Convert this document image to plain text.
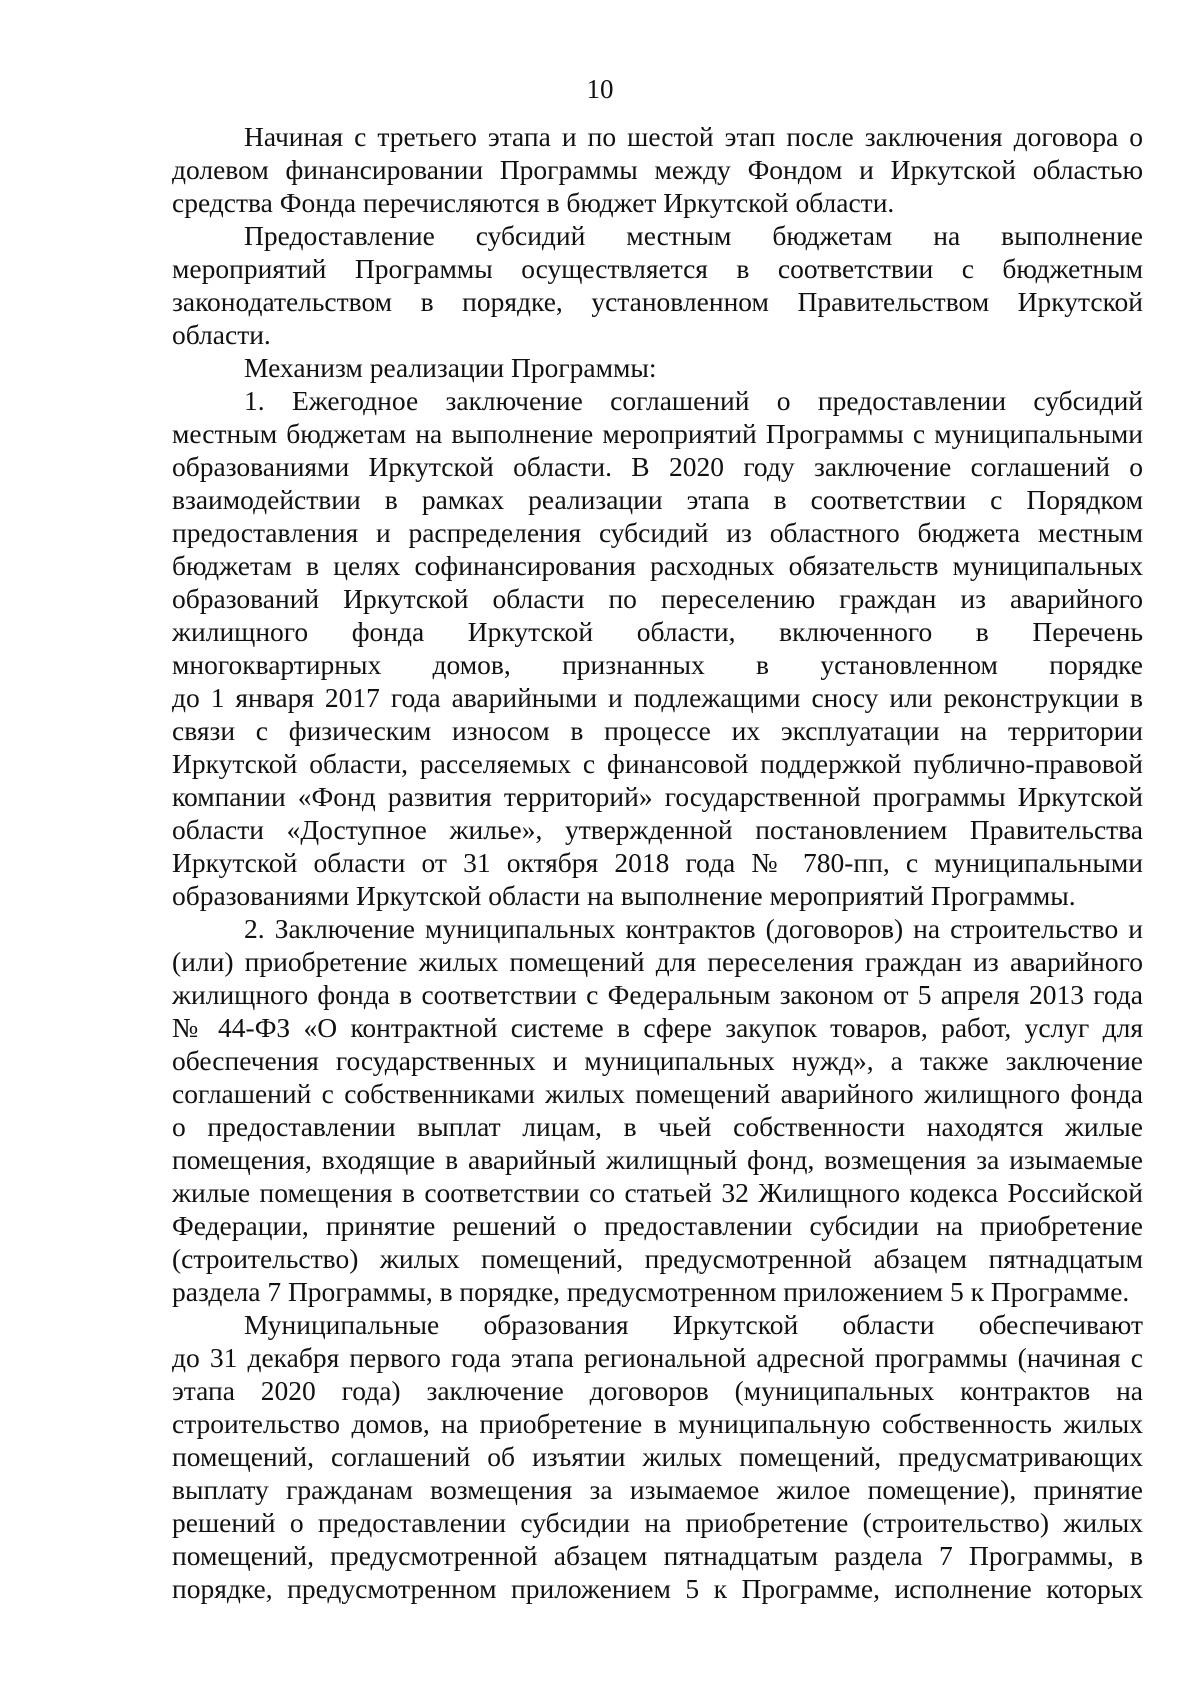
10
Начиная с третьего этапа и по шестой этап после заключения договора о
долевом финансировании Программы между Фондом и Иркутской областью
средства Фонда перечисляются в бюджет Иркутской области.
Предоставление субсидий местным бюджетам на выполнение
мероприятий Программы осуществляется в соответствии с бюджетным
законодательством в порядке, установленном Правительством Иркутской
области.
Механизм реализации Программы:
1. Ежегодное заключение соглашений о предоставлении субсидий
местным бюджетам на выполнение мероприятий Программы с муниципальными
образованиями Иркутской области. В 2020 году заключение соглашений о
взаимодействии в рамках реализации этапа в соответствии с Порядком
предоставления и распределения субсидий из областного бюджета местным
бюджетам в целях софинансирования расходных обязательств муниципальных
образований Иркутской области по переселению граждан из аварийного
жилищного фонда Иркутской области, включенного в Перечень
многоквартирных домов, признанных в установленном порядке
до 1 января 2017 года аварийными и подлежащими сносу или реконструкции в
связи с физическим износом в процессе их эксплуатации на территории
Иркутской области, расселяемых с финансовой поддержкой публично-правовой
компании «Фонд развития территорий» государственной программы Иркутской
области «Доступное жилье», утвержденной постановлением Правительства
Иркутской области от 31 октября 2018 года № 780-пп, с муниципальными
образованиями Иркутской области на выполнение мероприятий Программы.
2. Заключение муниципальных контрактов (договоров) на строительство и
(или) приобретение жилых помещений для переселения граждан из аварийного
жилищного фонда в соответствии с Федеральным законом от 5 апреля 2013 года
№ 44-ФЗ «О контрактной системе в сфере закупок товаров, работ, услуг для
обеспечения государственных и муниципальных нужд», а также заключение
соглашений с собственниками жилых помещений аварийного жилищного фонда
о предоставлении выплат лицам, в чьей собственности находятся жилые
помещения, входящие в аварийный жилищный фонд, возмещения за изымаемые
жилые помещения в соответствии со статьей 32 Жилищного кодекса Российской
Федерации, принятие решений о предоставлении субсидии на приобретение
(строительство) жилых помещений, предусмотренной абзацем пятнадцатым
раздела 7 Программы, в порядке, предусмотренном приложением 5 к Программе.
Муниципальные образования Иркутской области обеспечивают
до 31 декабря первого года этапа региональной адресной программы (начиная с
этапа 2020 года) заключение договоров (муниципальных контрактов на
строительство домов, на приобретение в муниципальную собственность жилых
помещений, соглашений об изъятии жилых помещений, предусматривающих
выплату гражданам возмещения за изымаемое жилое помещение), принятие
решений о предоставлении субсидии на приобретение (строительство) жилых
помещений, предусмотренной абзацем пятнадцатым раздела 7 Программы, в
порядке, предусмотренном приложением 5 к Программе, исполнение которых
